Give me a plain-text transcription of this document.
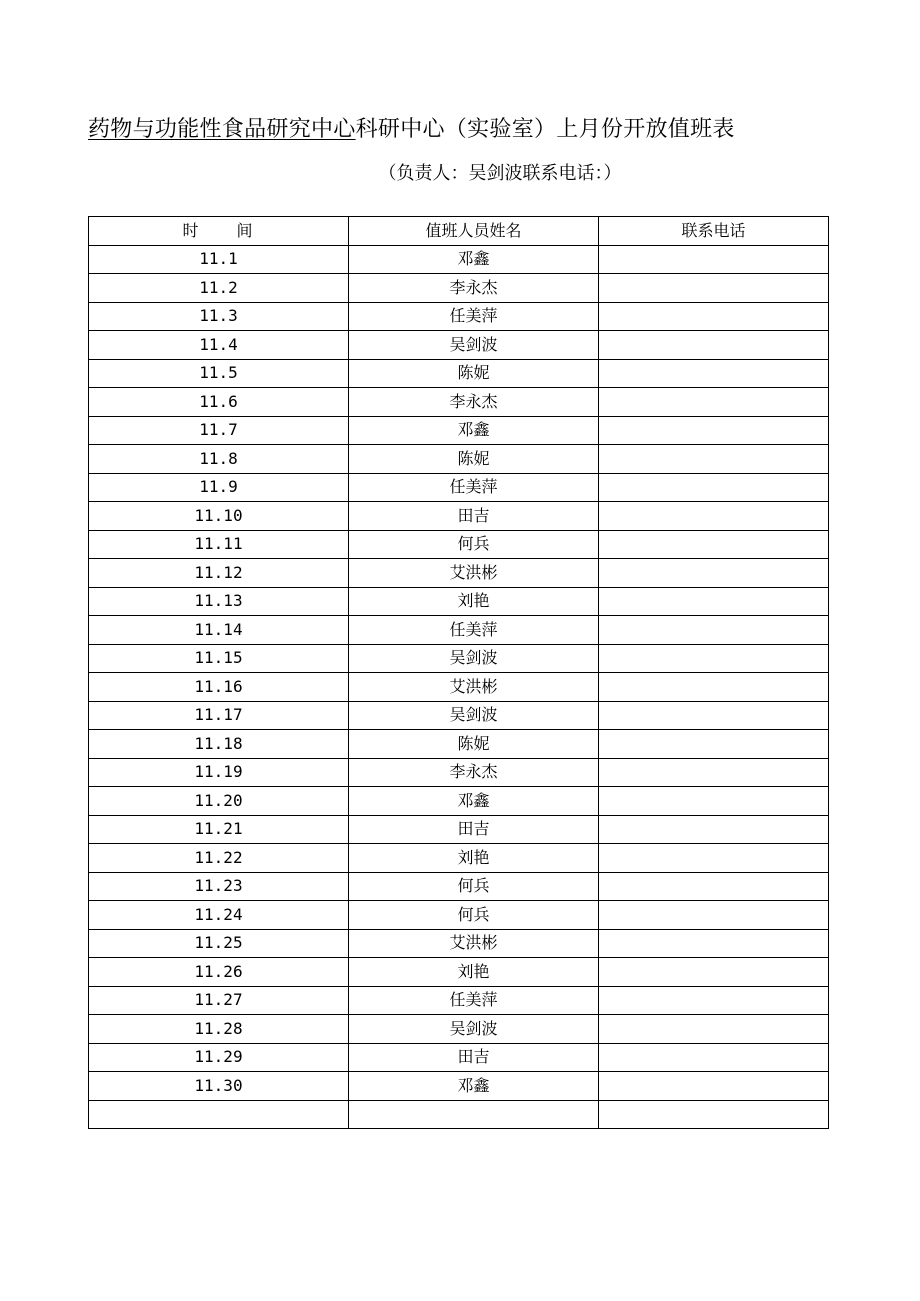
药物与功能性食品研究中心科研中心（实验室）上月份开放值班表
（负责人：吴剑波联系电话：）
时　　间	值班人员姓名	联系电话
11.1	邓鑫	
11.2	李永杰	
11.3	任美萍	
11.4	吴剑波	
11.5	陈妮	
11.6	李永杰	
11.7	邓鑫	
11.8	陈妮	
11.9	任美萍	
11.10	田吉	
11.11	何兵	
11.12	艾洪彬	
11.13	刘艳	
11.14	任美萍	
11.15	吴剑波	
11.16	艾洪彬	
11.17	吴剑波	
11.18	陈妮	
11.19	李永杰	
11.20	邓鑫	
11.21	田吉	
11.22	刘艳	
11.23	何兵	
11.24	何兵	
11.25	艾洪彬	
11.26	刘艳	
11.27	任美萍	
11.28	吴剑波	
11.29	田吉	
11.30	邓鑫	
